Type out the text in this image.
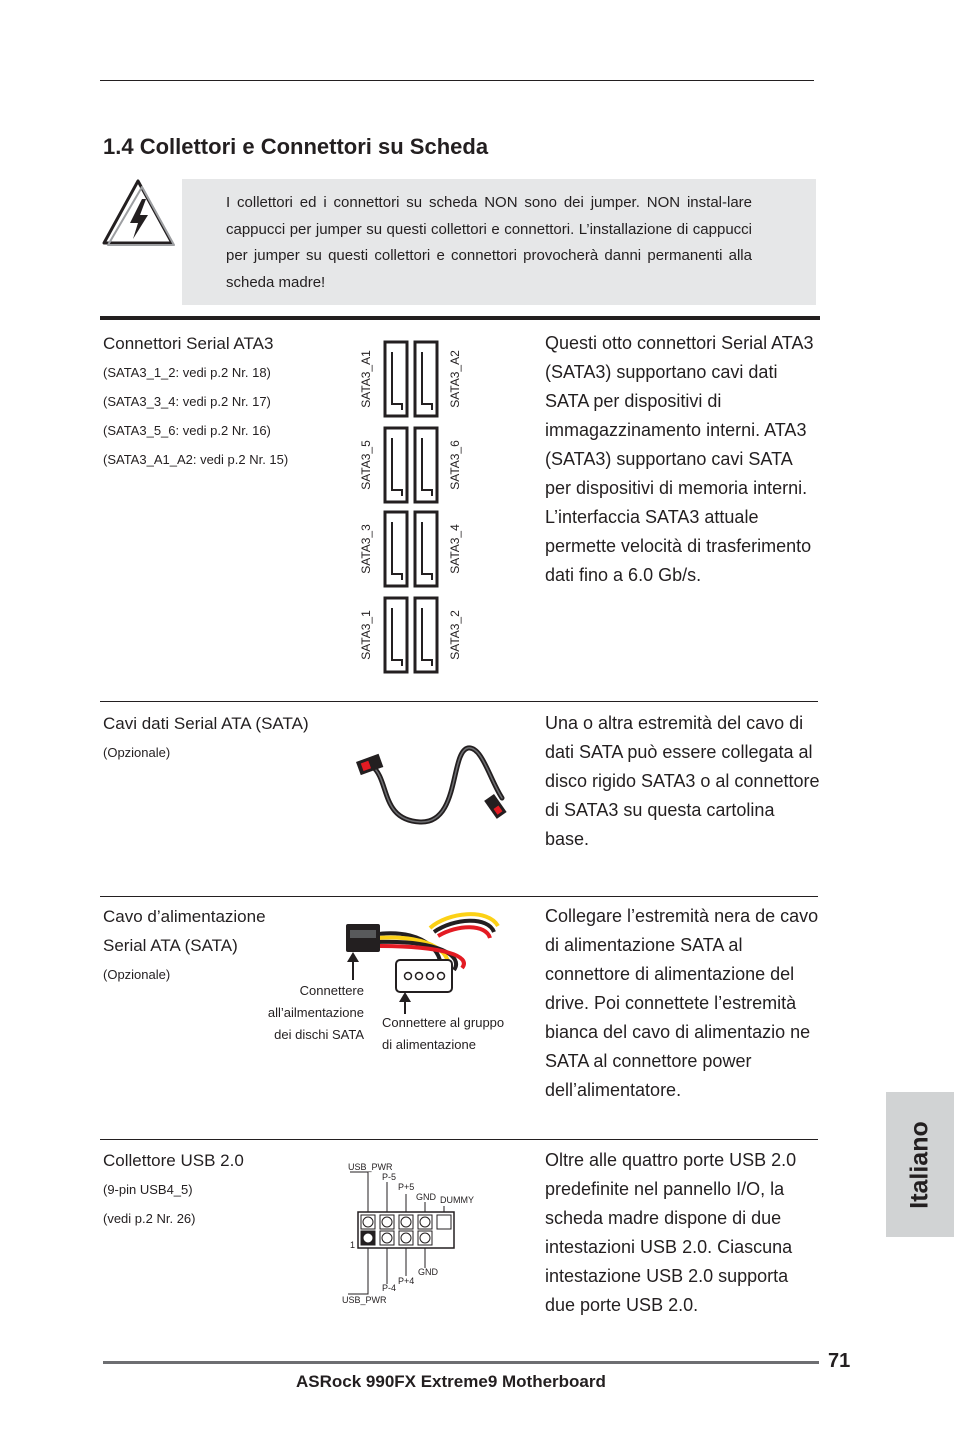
1.4 Collettori e Connettori su Scheda
I collettori ed i connettori su scheda NON sono dei jumper. NON instal-lare cappucci per jumper su questi collettori e connettori. L’installazione di cappucci per jumper su questi collettori e connettori provocherà danni permanenti alla scheda madre!
Connettori Serial ATA3
(SATA3_1_2: vedi p.2 Nr. 18)
(SATA3_3_4: vedi p.2 Nr. 17)
(SATA3_5_6: vedi p.2 Nr. 16)
(SATA3_A1_A2: vedi p.2 Nr. 15)
SATA3_A1	SATA3_A2
SATA3_5	SATA3_6
SATA3_3	SATA3_4
SATA3_1	SATA3_2
Questi otto connettori Serial ATA3 (SATA3) supportano cavi dati SATA per dispositivi di immagazzinamento interni. ATA3 (SATA3) supportano cavi SATA per dispositivi di memoria interni. L’interfaccia SATA3 attuale permette velocità di trasferimento dati fino a 6.0 Gb/s.
Cavi dati Serial ATA (SATA)
(Opzionale)
Una o altra estremità del cavo di dati SATA può essere collegata al disco rigido SATA3 o al connettore di SATA3 su questa cartolina base.
Cavo d’alimentazione
Serial ATA (SATA)
(Opzionale)
Connettere
all’ailmentazione
dei dischi SATA
Connettere al gruppo
di alimentazione
Collegare l’estremità nera de cavo di alimentazione SATA al connettore di alimentazione del drive. Poi connettete l’estremità bianca del cavo di alimentazio ne SATA al connettore power dell’alimentatore.
Collettore USB 2.0
(9-pin USB4_5)
(vedi p.2 Nr. 26)
USB_PWR
P-5
P+5
GND DUMMY
1
GND
P+4
P-4
USB_PWR
Oltre alle quattro porte USB 2.0 predefinite nel pannello I/O, la scheda madre dispone di due intestazioni USB 2.0. Ciascuna intestazione USB 2.0 supporta due porte USB 2.0.
Italiano
71
ASRock 990FX Extreme9 Motherboard
